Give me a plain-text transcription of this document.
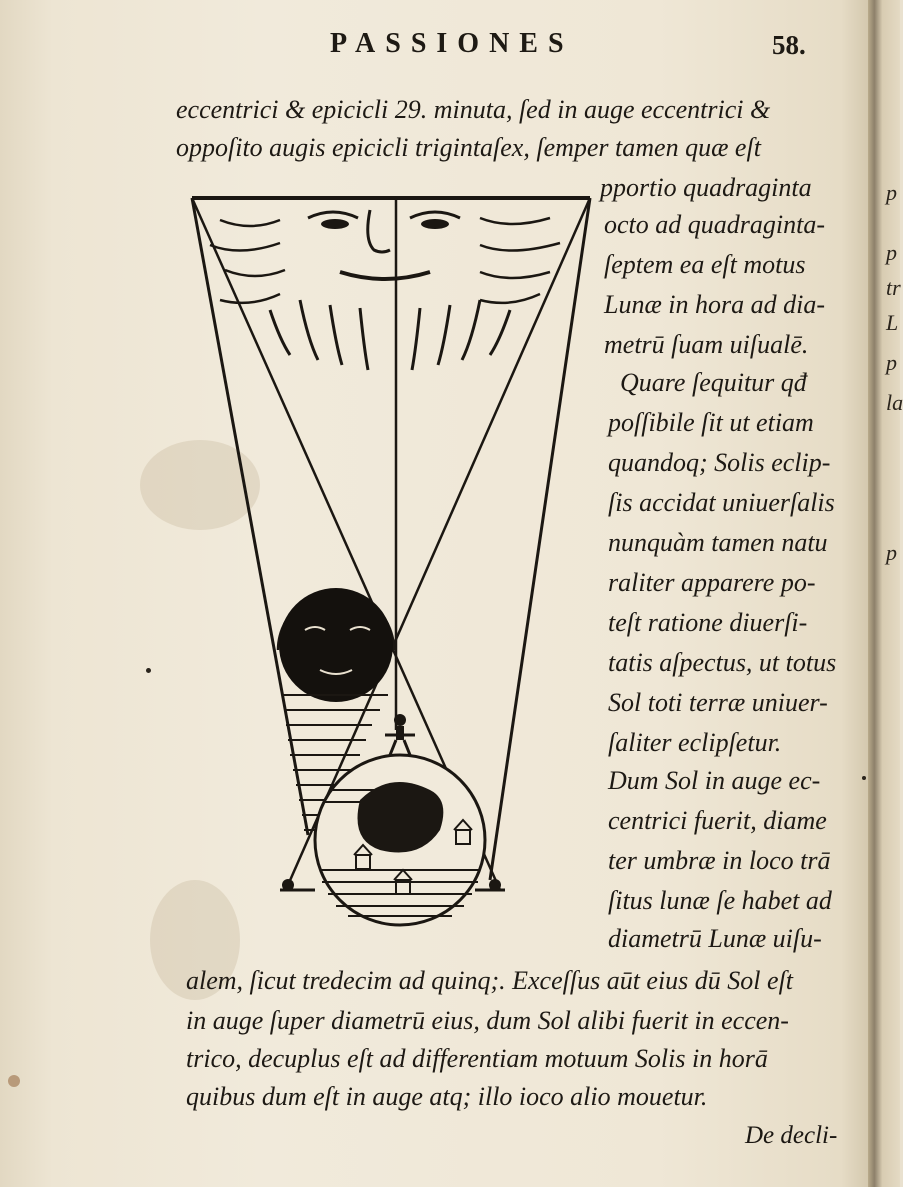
p
p
tr
L
p
la
p
PASSIONES	58.
eccentrici & epicicli 29. minuta, ſed in auge eccentrici &
oppoſito augis epicicli trigintaſex, ſemper tamen quæ eſt
pportio quadragintа
octo ad quadraginta-
ſeptem ea eſt motus
Lunæ in hora ad dia-
metrū ſuam uiſualē.
Quare ſequitur qđ
poſſibile ſit ut etiam
quandoq; Solis eclip-
ſis accidat uniuerſalis
nunquàm tamen natu
raliter apparere po-
teſt ratione diuerſi-
tatis aſpectus, ut totus
Sol toti terræ uniuer-
ſaliter eclipſetur.
Dum Sol in auge ec-
centrici fuerit, diame
ter umbræ in loco trā
ſitus lunæ ſe habet ad
diametrū Lunæ uiſu-
alem, ſicut tredecim ad quinq;. Exceſſus aūt eius dū Sol eſt
in auge ſuper diametrū eius, dum Sol alibi fuerit in eccen-
trico, decuplus eſt ad differentiam motuum Solis in horā
quibus dum eſt in auge atq; illo ioco alio mouetur.
De decli-
